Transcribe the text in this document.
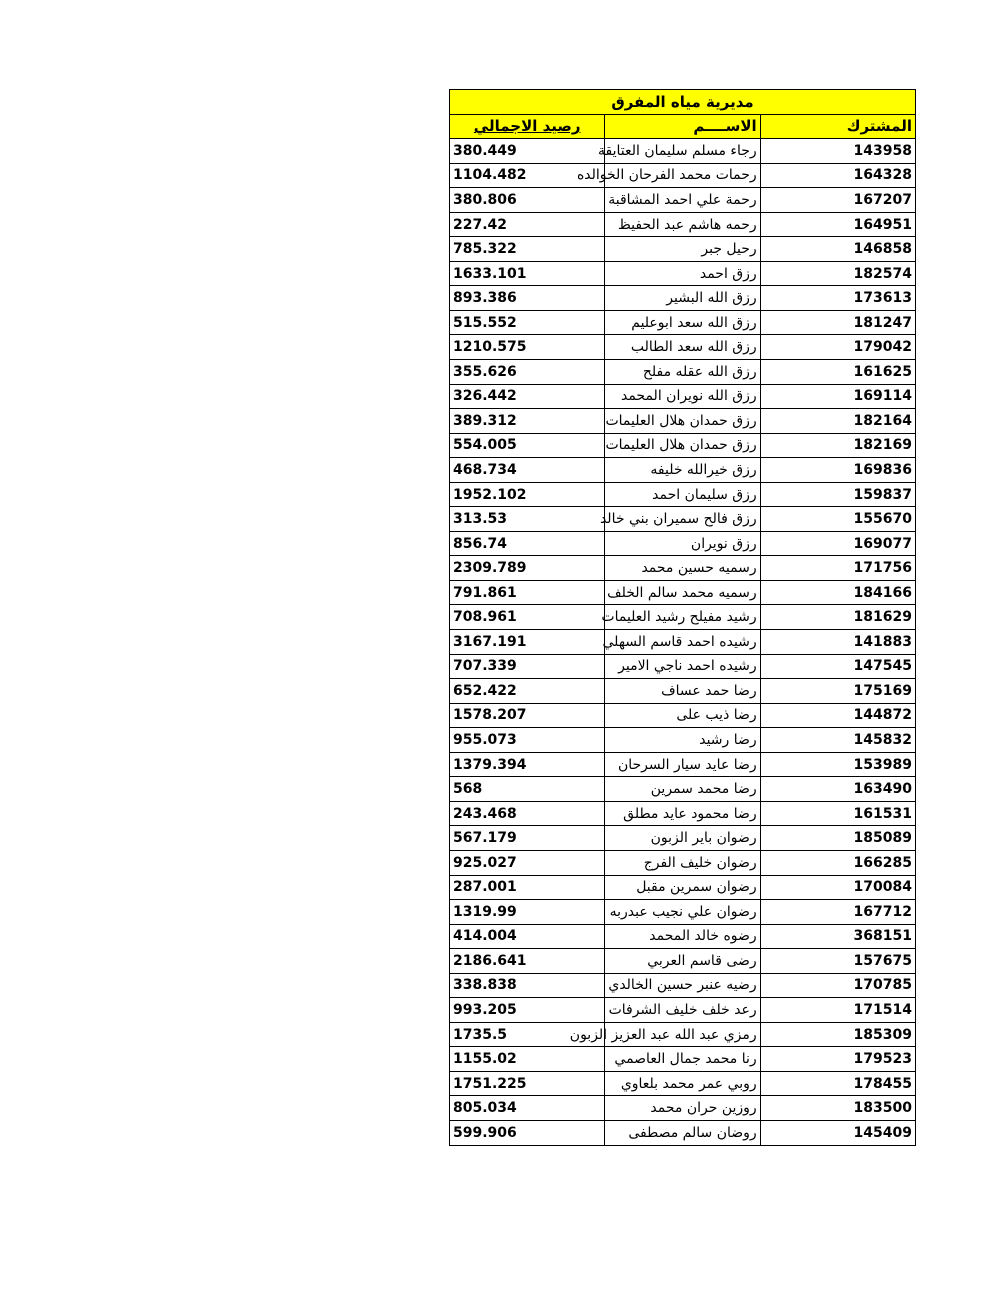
مديرية مياه المفرق		
المشترك	الاســــم	رصيد الاجمالي
143958	رجاء مسلم سليمان العتايقة	380.449
164328	رحمات محمد الفرحان الخوالده	1104.482
167207	رحمة علي احمد المشاقبة	380.806
164951	رحمه هاشم عبد الحفيظ	227.42
146858	رحيل جبر	785.322
182574	رزق احمد	1633.101
173613	رزق الله البشير	893.386
181247	رزق الله سعد ابوعليم	515.552
179042	رزق الله سعد الطالب	1210.575
161625	رزق الله عقله مفلح	355.626
169114	رزق الله نويران المحمد	326.442
182164	رزق حمدان هلال العليمات	389.312
182169	رزق حمدان هلال العليمات	554.005
169836	رزق خيرالله خليفه	468.734
159837	رزق سليمان احمد	1952.102
155670	رزق فالح سميران بني خالد	313.53
169077	رزق نويران	856.74
171756	رسميه حسين محمد	2309.789
184166	رسميه محمد سالم الخلف	791.861
181629	رشيد مفيلح رشيد العليمات	708.961
141883	رشيده احمد قاسم السهلي	3167.191
147545	رشيده احمد ناجي الامير	707.339
175169	رضا حمد عساف	652.422
144872	رضا ذيب على	1578.207
145832	رضا رشيد	955.073
153989	رضا عايد سيار السرحان	1379.394
163490	رضا محمد سمرين	568
161531	رضا محمود عايد مطلق	243.468
185089	رضوان باير الزبون	567.179
166285	رضوان خليف الفرج	925.027
170084	رضوان سمرين مقبل	287.001
167712	رضوان علي نجيب عبدربه	1319.99
368151	رضوه خالد المحمد	414.004
157675	رضى قاسم العربي	2186.641
170785	رضيه عنبر حسين الخالدي	338.838
171514	رعد خلف خليف الشرفات	993.205
185309	رمزي عبد الله عبد العزيز الزبون	1735.5
179523	رنا محمد جمال العاصمي	1155.02
178455	روبي عمر محمد بلعاوي	1751.225
183500	روزين حران محمد	805.034
145409	روضان سالم مصطفى	599.906
